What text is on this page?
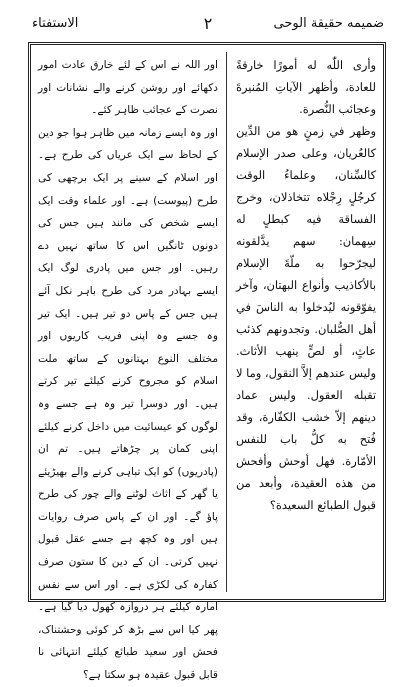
ضميمه حقيقة الوحی
٢
الاستفتاء

وأرى اللّٰه له أمورًا خارقةً للعادة، وأظهر الآياتِ المُنيرةَ وعجائب النُّصرة.

وظهر في زمنٍ هو من الدِّين كالعُريان، وعلى صدر الإسلام كالسِّنان، وعلماءُ الوقت كرجُلٍ رِجْلاه تتخاذلان، وخرج الفساقة فيه كبطلٍ له سِهمان: سهم يدَّلقونه ليجرّحوا به ملّةَ الإسلام بالأكاذيب وأنواع البهتان، وآخر يفوّقونه ليُدخلوا به الناسَ في أهل الصُّلبان. وتجدونهم كذئب عاثٍ، أو لصٍّ ينهب الأثاث. وليس عندهم إلاَّ النقول، وما لا تقبله العقول. وليس عماد دينهم إلاّ خشب الكفّارة، وقد فُتح به كلُّ باب للنفس الأمّارة. فهل أوحش وأفحش من هذه العقيدة، وأبعد من قبول الطبائع السعيدة؟

اور اللہ نے اس کے لئے خارق عادت امور دکھائے اور روشن کرنے والے نشانات اور نصرت کے عجائب ظاہر کئے۔

اور وہ ایسے زمانہ میں ظاہر ہوا جو دین کے لحاظ سے ایک عریاں کی طرح ہے۔ اور اسلام کے سینے پر ایک برچھی کی طرح (پیوست) ہے۔ اور علماء وقت ایک ایسے شخص کی مانند ہیں جس کی دونوں ٹانگیں اس کا ساتھ نہیں دے رہیں۔ اور جس میں پادری لوگ ایک ایسے بہادر مرد کی طرح باہر نکل آئے ہیں جس کے پاس دو تیر ہیں۔ ایک تیر وہ جسے وہ اپنی فریب کاریوں اور مختلف النوع بہتانوں کے ساتھ ملت اسلام کو مجروح کرنے کیلئے تیر کرتے ہیں۔ اور دوسرا تیر وہ ہے جسے وہ لوگوں کو عیسائیت میں داخل کرنے کیلئے اپنی کمان پر چڑھاتے ہیں۔ تم ان (پادریوں) کو ایک تباہی کرنے والے بھیڑیئے یا گھر کے اثاث لوٹنے والے چور کی طرح پاؤ گے۔ اور ان کے پاس صرف روایات ہیں اور وہ کچھ ہے جسے عقل قبول نہیں کرتی۔ ان کے دین کا ستون صرف کفارہ کی لکڑی ہے۔ اور اس سے نفس امارہ کیلئے ہر دروازہ کھول دیا گیا ہے۔ پھر کیا اس سے بڑھ کر کوئی وحشتناک، فحش اور سعید طبائع کیلئے انتہائی نا قابل قبول عقیدہ ہو سکتا ہے؟
